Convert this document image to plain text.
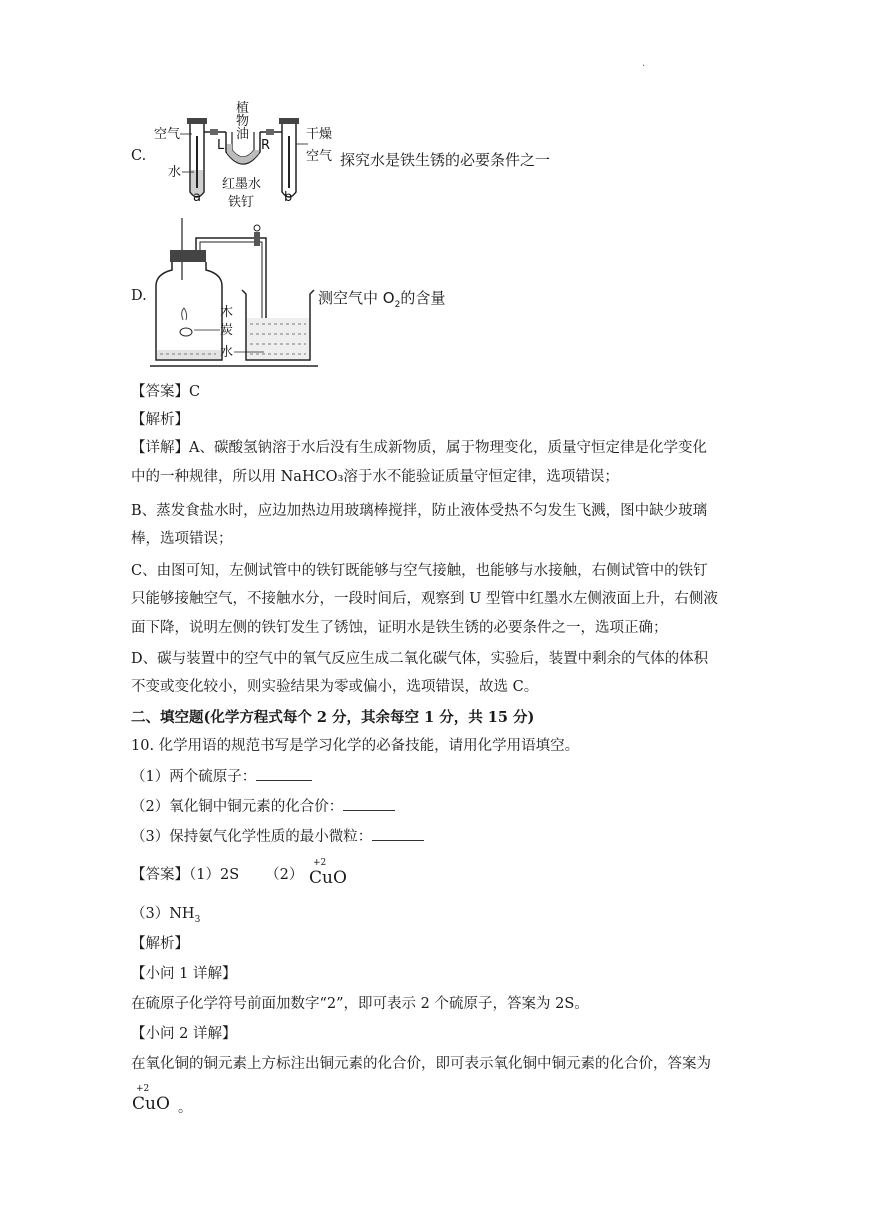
.
C.
空气
植
物
油
L	R
干燥
空气
水
红墨水
a 铁钉 b
探究水是铁生锈的必要条件之一
D.
木
炭
水
测空气中 $O_2$的含量
【答案】C
【解析】
【详解】A、碳酸氢钠溶于水后没有生成新物质，属于物理变化，质量守恒定律是化学变化
中的一种规律，所以用 NaHCO₃溶于水不能验证质量守恒定律，选项错误；
B、蒸发食盐水时，应边加热边用玻璃棒搅拌，防止液体受热不匀发生飞溅，图中缺少玻璃
棒，选项错误；
C、由图可知，左侧试管中的铁钉既能够与空气接触，也能够与水接触，右侧试管中的铁钉
只能够接触空气，不接触水分，一段时间后，观察到 U 型管中红墨水左侧液面上升，右侧液
面下降，说明左侧的铁钉发生了锈蚀，证明水是铁生锈的必要条件之一，选项正确；
D、碳与装置中的空气中的氧气反应生成二氧化碳气体，实验后，装置中剩余的气体的体积
不变或变化较小，则实验结果为零或偏小，选项错误，故选 C。
二、填空题(化学方程式每个 2 分，其余每空 1 分，共 15 分)
10. 化学用语的规范书写是学习化学的必备技能，请用化学用语填空。
（1）两个硫原子：
（2）氧化铜中铜元素的化合价：
（3）保持氨气化学性质的最小微粒：
【答案】（1）2S （2）
+2
CuO
$(3)NH_3$
【解析】
【小问 1 详解】
在硫原子化学符号前面加数字“2”，即可表示 2 个硫原子，答案为 2S。
【小问 2 详解】
在氧化铜的铜元素上方标注出铜元素的化合价，即可表示氧化铜中铜元素的化合价，答案为
+2
CuO 。
